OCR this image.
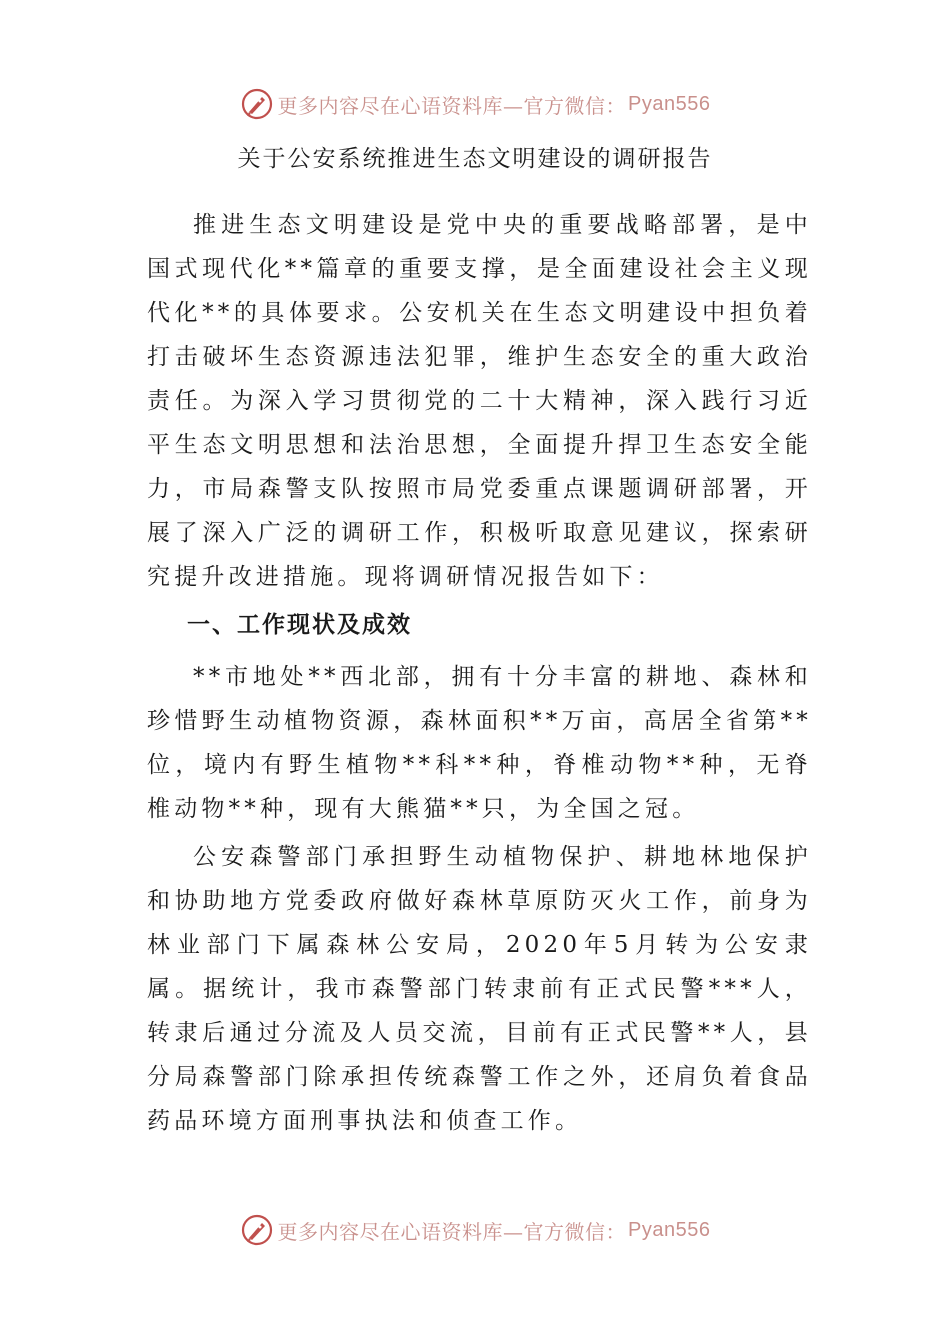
更多内容尽在心语资料库—官方微信： Pyan556
关于公安系统推进生态文明建设的调研报告

推进生态文明建设是党中央的重要战略部署，是中国式现代化**篇章的重要支撑，是全面建设社会主义现代化**的具体要求。公安机关在生态文明建设中担负着打击破坏生态资源违法犯罪，维护生态安全的重大政治责任。为深入学习贯彻党的二十大精神，深入践行习近平生态文明思想和法治思想，全面提升捍卫生态安全能力，市局森警支队按照市局党委重点课题调研部署，开展了深入广泛的调研工作，积极听取意见建议，探索研究提升改进措施。现将调研情况报告如下：

一、工作现状及成效

**市地处**西北部，拥有十分丰富的耕地、森林和珍惜野生动植物资源，森林面积**万亩，高居全省第**位，境内有野生植物**科**种，脊椎动物**种，无脊椎动物**种，现有大熊猫**只，为全国之冠。

公安森警部门承担野生动植物保护、耕地林地保护和协助地方党委政府做好森林草原防灭火工作，前身为林业部门下属森林公安局，2020年5月转为公安隶属。据统计，我市森警部门转隶前有正式民警***人，转隶后通过分流及人员交流，目前有正式民警**人，县分局森警部门除承担传统森警工作之外，还肩负着食品药品环境方面刑事执法和侦查工作。

更多内容尽在心语资料库—官方微信： Pyan556
